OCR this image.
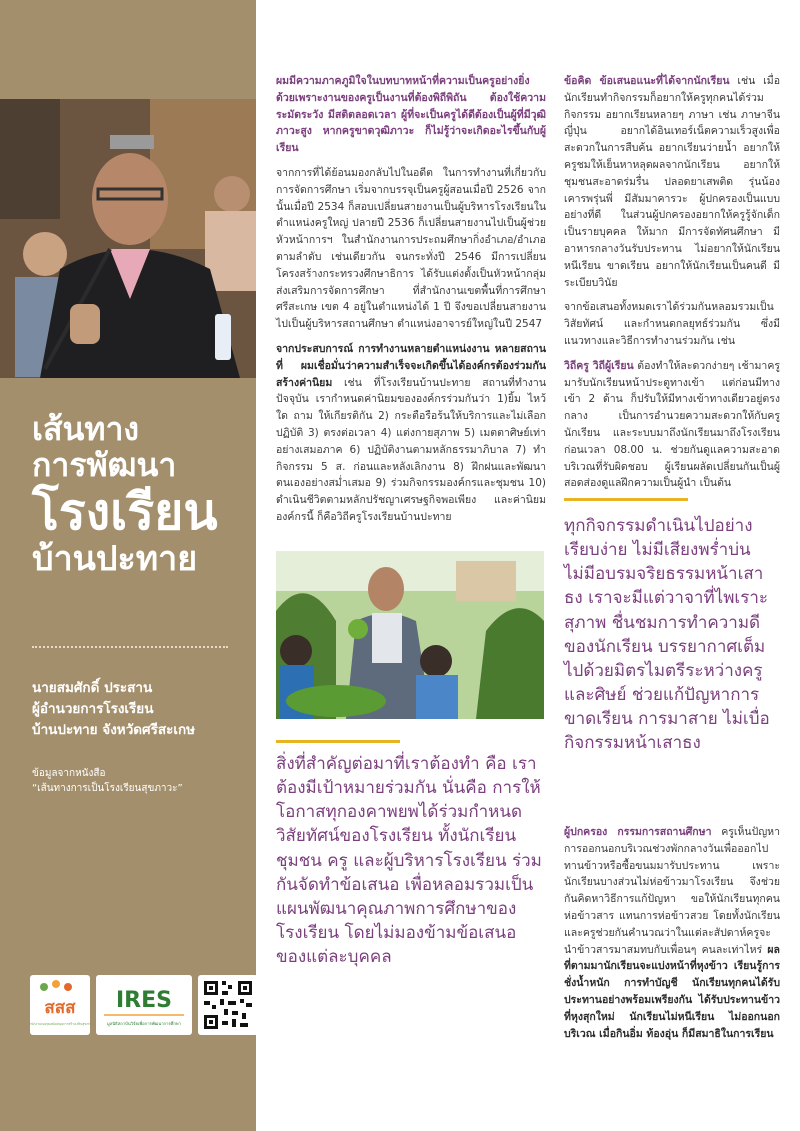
เส้นทาง
การพัฒนา
โรงเรียน
บ้านปะทาย
นายสมศักดิ์ ประสาน
ผู้อำนวยการโรงเรียน
บ้านปะทาย จังหวัดศรีสะเกษ
ข้อมูลจากหนังสือ
“เส้นทางการเป็นโรงเรียนสุขภาวะ”
สสส
สำนักงานกองทุนสนับสนุนการสร้างเสริมสุขภาพ
IRES
มูลนิธิสถาบันวิจัยเพื่อการพัฒนาการศึกษา

ผมมีความภาคภูมิใจในบทบาทหน้าที่ความเป็นครูอย่างยิ่ง ด้วยเพราะงานของครูเป็นงานที่ต้องพิถีพิถัน ต้องใช้ความระมัดระวัง มีสติตลอดเวลา ผู้ที่จะเป็นครูได้ดีต้องเป็นผู้ที่มีวุฒิภาวะสูง หากครูขาดวุฒิภาวะ ก็ไม่รู้ว่าจะเกิดอะไรขึ้นกับผู้เรียน

จากการที่ได้ย้อนมองกลับไปในอดีต ในการทำงานที่เกี่ยวกับการจัดการศึกษา เริ่มจากบรรจุเป็นครูผู้สอนเมื่อปี 2526 จากนั้นเมื่อปี 2534 ก็สอบเปลี่ยนสายงานเป็นผู้บริหารโรงเรียนในตำแหน่งครูใหญ่ ปลายปี 2536 ก็เปลี่ยนสายงานไปเป็นผู้ช่วยหัวหน้าการฯ ในสำนักงานการประถมศึกษากิ่งอำเภอ/อำเภอ ตามลำดับ เช่นเดียวกัน จนกระทั่งปี 2546 มีการเปลี่ยนโครงสร้างกระทรวงศึกษาธิการ ได้รับแต่งตั้งเป็นหัวหน้ากลุ่มส่งเสริมการจัดการศึกษา ที่สำนักงานเขตพื้นที่การศึกษาศรีสะเกษ เขต 4 อยู่ในตำแหน่งได้ 1 ปี จึงขอเปลี่ยนสายงานไปเป็นผู้บริหารสถานศึกษา ตำแหน่งอาจารย์ใหญ่ในปี 2547

จากประสบการณ์ การทำงานหลายตำแหน่งงาน หลายสถานที่ ผมเชื่อมั่นว่าความสำเร็จจะเกิดขึ้นได้องค์กรต้องร่วมกันสร้างค่านิยม เช่น ที่โรงเรียนบ้านปะทาย สถานที่ทำงานปัจจุบัน เรากำหนดค่านิยมขององค์กรร่วมกันว่า 1)ยิ้ม ไหว้ ใด ถาม ให้เกียรติกัน 2) กระตือรือร้นให้บริการและไม่เลือกปฏิบัติ 3) ตรงต่อเวลา 4) แต่งกายสุภาพ 5) เมตตาศิษย์เท่าอย่างเสมอภาค 6) ปฏิบัติงานตามหลักธรรมาภิบาล 7) ทำกิจกรรม 5 ส. ก่อนและหลังเลิกงาน 8) ฝึกฝนและพัฒนาตนเองอย่างสม่ำเสมอ 9) ร่วมกิจกรรมองค์กรและชุมชน 10) ดำเนินชีวิตตามหลักปรัชญาเศรษฐกิจพอเพียง และค่านิยมองค์กรนี้ ก็คือวิถีครูโรงเรียนบ้านปะทาย

สิ่งที่สำคัญต่อมาที่เราต้องทำ คือ เราต้องมีเป้าหมายร่วมกัน นั่นคือ การให้โอกาสทุกองคาพยพได้ร่วมกำหนดวิสัยทัศน์ของโรงเรียน ทั้งนักเรียน ชุมชน ครู และผู้บริหารโรงเรียน ร่วมกันจัดทำข้อเสนอ เพื่อหลอมรวมเป็นแผนพัฒนาคุณภาพการศึกษาของโรงเรียน โดยไม่มองข้ามข้อเสนอของแต่ละบุคคล

ข้อคิด ข้อเสนอแนะที่ได้จากนักเรียน เช่น เมื่อนักเรียนทำกิจกรรมก็อยากให้ครูทุกคนได้ร่วมกิจกรรม อยากเรียนหลายๆ ภาษา เช่น ภาษาจีน ญี่ปุ่น อยากได้อินเทอร์เน็ตความเร็วสูงเพื่อสะดวกในการสืบค้น อยากเรียนว่ายน้ำ อยากให้ครูชมให้เย็นหาหลุดผลจากนักเรียน อยากให้ชุมชนสะอาดร่มรื่น ปลอดยาเสพติด รุ่นน้องเคารพรุ่นพี่ มีสัมมาคารวะ ผู้ปกครองเป็นแบบอย่างที่ดี ในส่วนผู้ปกครองอยากให้ครูรู้จักเด็กเป็นรายบุคคล ให้มาก มีการจัดทัศนศึกษา มีอาหารกลางวันรับประทาน ไม่อยากให้นักเรียนหนีเรียน ขาดเรียน อยากให้นักเรียนเป็นคนดี มีระเบียบวินัย

จากข้อเสนอทั้งหมดเราได้ร่วมกันหลอมรวมเป็นวิสัยทัศน์ และกำหนดกลยุทธ์ร่วมกัน ซึ่งมีแนวทางและวิธีการทำงานร่วมกัน เช่น

วิถีครู วิถีผู้เรียน ต้องทำให้ละดวกง่ายๆ เช้ามาครูมารับนักเรียนหน้าประตูทางเข้า แต่ก่อนมีทางเข้า 2 ด้าน ก็ปรับให้มีทางเข้าทางเดียวอยู่ตรงกลาง เป็นการอำนวยความสะดวกให้กับครู นักเรียน และระบบมาถึงนักเรียนมาถึงโรงเรียนก่อนเวลา 08.00 น. ช่วยกันดูแลความสะอาดบริเวณที่รับผิดชอบ ผู้เรียนผลัดเปลี่ยนกันเป็นผู้สอดส่องดูแลฝึกความเป็นผู้นำ เป็นต้น

ทุกกิจกรรมดำเนินไปอย่างเรียบง่าย ไม่มีเสียงพร่ำบ่น ไม่มีอบรมจริยธรรมหน้าเสาธง เราจะมีแต่วาจาที่ไพเราะสุภาพ ชื่นชมการทำความดีของนักเรียน บรรยากาศเต็มไปด้วยมิตรไมตรีระหว่างครูและศิษย์ ช่วยแก้ปัญหาการขาดเรียน การมาสาย ไม่เบื่อกิจกรรมหน้าเสาธง

ผู้ปกครอง กรรมการสถานศึกษา ครูเห็นปัญหาการออกนอกบริเวณช่วงพักกลางวันเพื่อออกไปทานข้าวหรือซื้อขนมมารับประทาน เพราะนักเรียนบางส่วนไม่ห่อข้าวมาโรงเรียน จึงช่วยกันคิดหาวิธีการแก้ปัญหา ขอให้นักเรียนทุกคนห่อข้าวสาร แทนการห่อข้าวสวย โดยทั้งนักเรียนและครูช่วยกันคำนวณว่าในแต่ละสัปดาห์ครูจะนำข้าวสารมาสมทบกับเพื่อนๆ คนละเท่าไหร่ ผลที่ตามมานักเรียนจะแบ่งหน้าที่หุงข้าว เรียนรู้การชั่งน้ำหนัก การทำบัญชี นักเรียนทุกคนได้รับประทานอย่างพร้อมเพรียงกัน ได้รับประทานข้าวที่หุงสุกใหม่ นักเรียนไม่หนีเรียน ไม่ออกนอกบริเวณ เมื่อกินอิ่ม ท้องอุ่น ก็มีสมาธิในการเรียน
